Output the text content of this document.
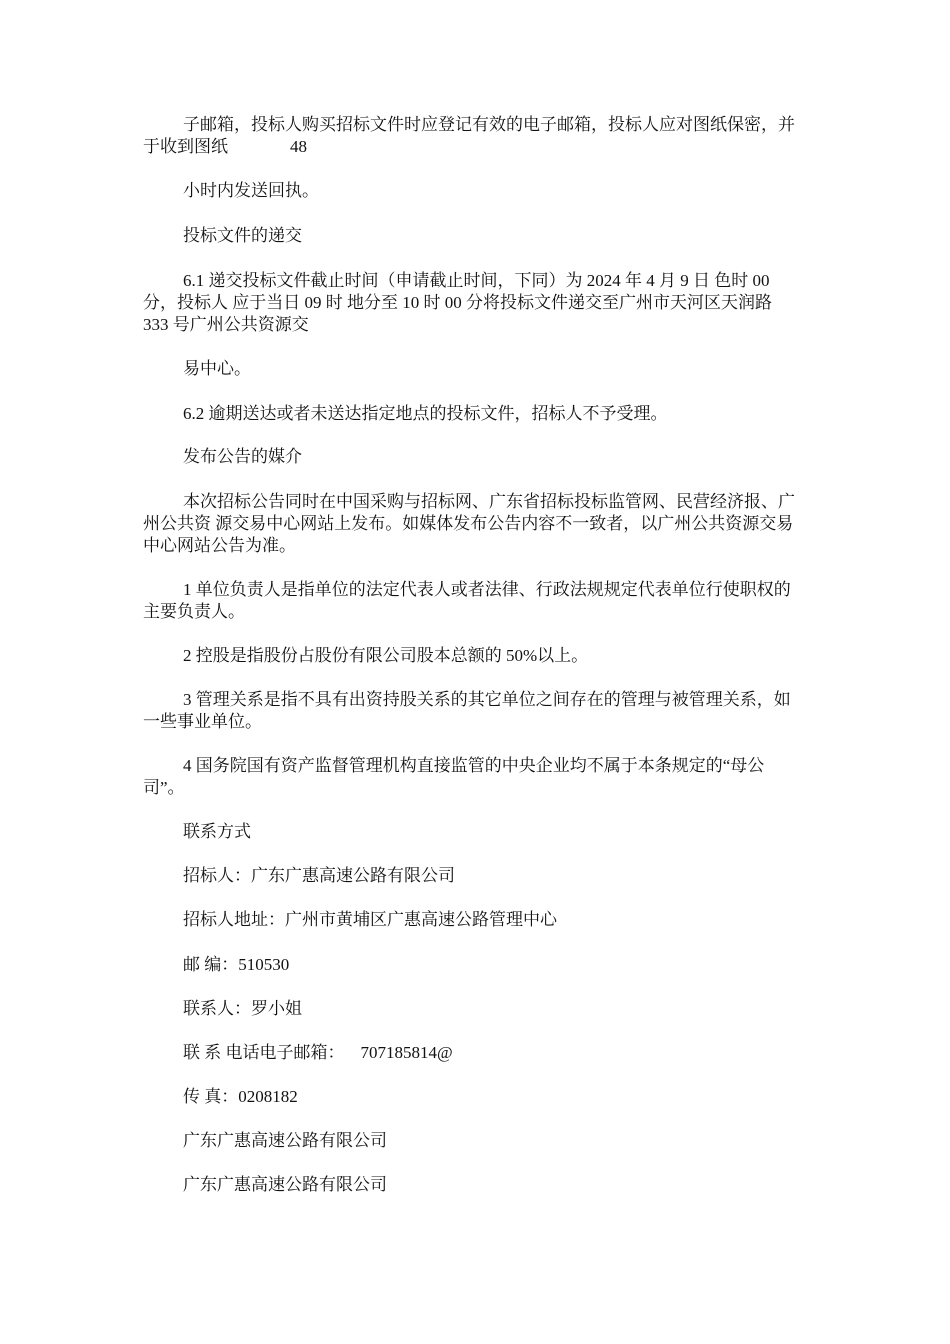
子邮箱，投标人购买招标文件时应登记有效的电子邮箱，投标人应对图纸保密，并于收到图纸	48

小时内发送回执。

投标文件的递交

6.1 递交投标文件截止时间（申请截止时间，下同）为 2024 年 4 月 9 日 色时 00 分，投标人 应于当日 09 时 地分至 10 时 00 分将投标文件递交至广州市天河区天润路333 号广州公共资源交

易中心。

6.2 逾期送达或者未送达指定地点的投标文件，招标人不予受理。

发布公告的媒介

本次招标公告同时在中国采购与招标网、广东省招标投标监管网、民营经济报、广州公共资 源交易中心网站上发布。如媒体发布公告内容不一致者，以广州公共资源交易中心网站公告为准。

1 单位负责人是指单位的法定代表人或者法律、行政法规规定代表单位行使职权的主要负责人。

2 控股是指股份占股份有限公司股本总额的 50%以上。

3 管理关系是指不具有出资持股关系的其它单位之间存在的管理与被管理关系，如一些事业单位。

4 国务院国有资产监督管理机构直接监管的中央企业均不属于本条规定的“母公司”。

联系方式

招标人：广东广惠高速公路有限公司

招标人地址：广州市黄埔区广惠高速公路管理中心

邮 编：510530

联系人：罗小姐

联 系 电话电子邮箱： 707185814@

传 真：0208182

广东广惠高速公路有限公司

广东广惠高速公路有限公司
